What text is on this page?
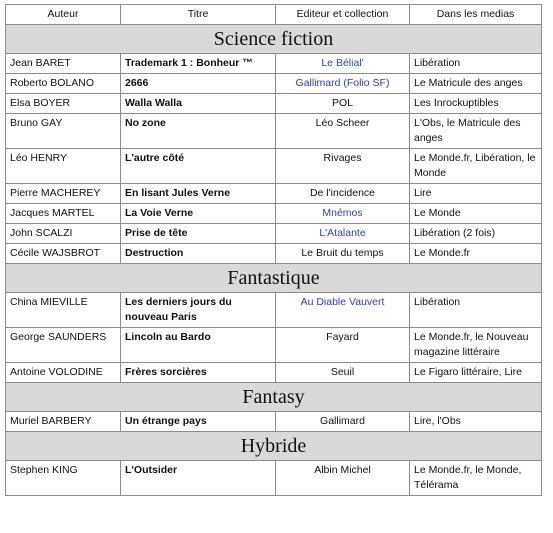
Auteur	Titre	Editeur et collection	Dans les medias
Science fiction			
Jean BARET	Trademark 1 : Bonheur ™	Le Bélial'	Libération
Roberto BOLANO	2666	Gallimard (Folio SF)	Le Matricule des anges
Elsa BOYER	Walla Walla	POL	Les Inrockuptibles
Bruno GAY	No zone	Léo Scheer	L'Obs, le Matricule des anges
Léo HENRY	L'autre côté	Rivages	Le Monde.fr, Libération, le Monde
Pierre MACHEREY	En lisant Jules Verne	De l'incidence	Lire
Jacques MARTEL	La Voie Verne	Mnémos	Le Monde
John SCALZI	Prise de tête	L'Atalante	Libération (2 fois)
Cécile WAJSBROT	Destruction	Le Bruit du temps	Le Monde.fr
Fantastique			
China MIEVILLE	Les derniers jours du nouveau Paris	Au Diable Vauvert	Libération
George SAUNDERS	Lincoln au Bardo	Fayard	Le Monde.fr, le Nouveau magazine littéraire
Antoine VOLODINE	Frères sorcières	Seuil	Le Figaro littéraire, Lire
Fantasy			
Muriel BARBERY	Un étrange pays	Gallimard	Lire, l'Obs
Hybride			
Stephen KING	L'Outsider	Albin Michel	Le Monde.fr, le Monde, Télérama
